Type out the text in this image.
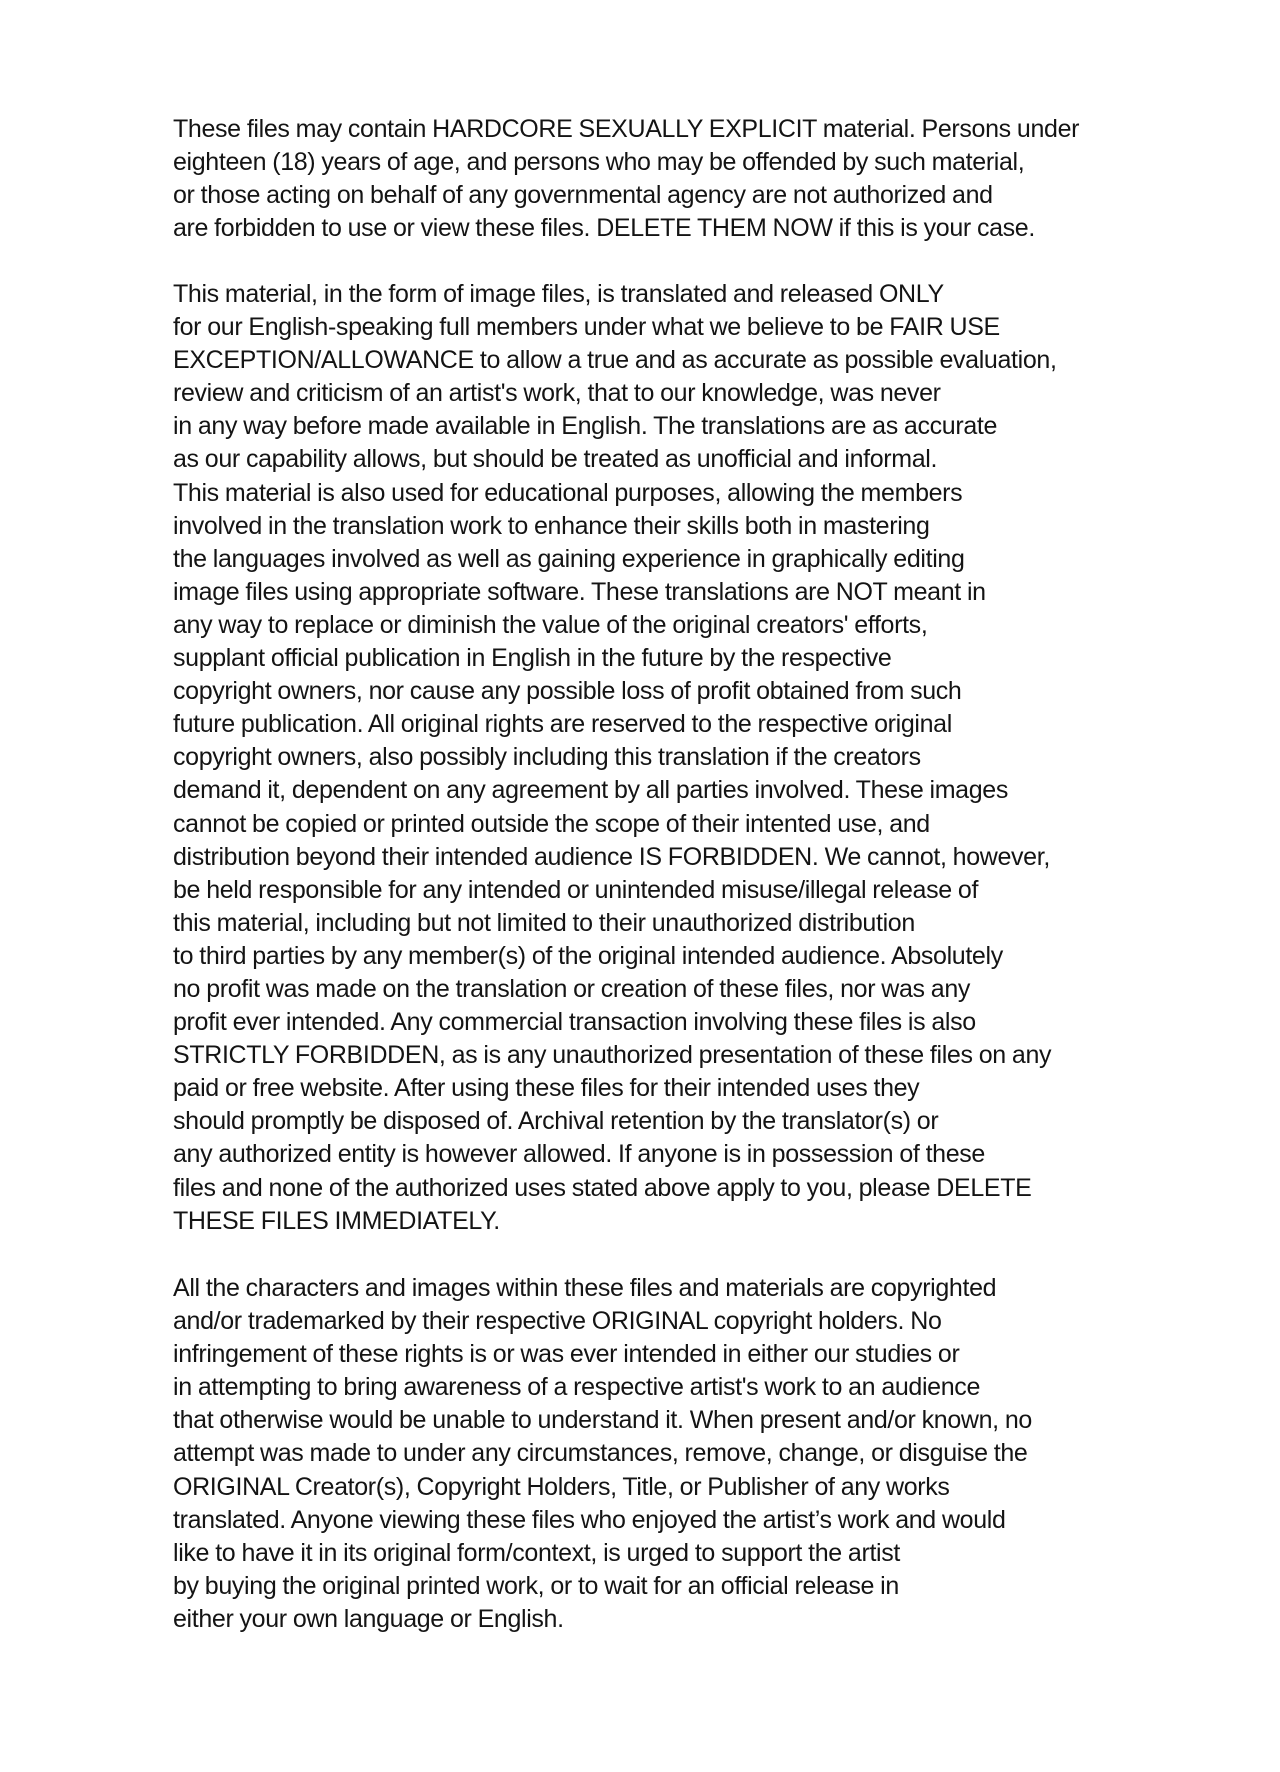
These files may contain HARDCORE SEXUALLY EXPLICIT material. Persons under
eighteen (18) years of age, and persons who may be offended by such material,
or those acting on behalf of any governmental agency are not authorized and
are forbidden to use or view these files. DELETE THEM NOW if this is your case.

This material, in the form of image files, is translated and released ONLY
for our English-speaking full members under what we believe to be FAIR USE
EXCEPTION/ALLOWANCE to allow a true and as accurate as possible evaluation,
review and criticism of an artist's work, that to our knowledge, was never
in any way before made available in English. The translations are as accurate
as our capability allows, but should be treated as unofficial and informal.
This material is also used for educational purposes, allowing the members
involved in the translation work to enhance their skills both in mastering
the languages involved as well as gaining experience in graphically editing
image files using appropriate software. These translations are NOT meant in
any way to replace or diminish the value of the original creators' efforts,
supplant official publication in English in the future by the respective
copyright owners, nor cause any possible loss of profit obtained from such
future publication. All original rights are reserved to the respective original
copyright owners, also possibly including this translation if the creators
demand it, dependent on any agreement by all parties involved. These images
cannot be copied or printed outside the scope of their intented use, and
distribution beyond their intended audience IS FORBIDDEN. We cannot, however,
be held responsible for any intended or unintended misuse/illegal release of
this material, including but not limited to their unauthorized distribution
to third parties by any member(s) of the original intended audience. Absolutely
no profit was made on the translation or creation of these files, nor was any
profit ever intended. Any commercial transaction involving these files is also
STRICTLY FORBIDDEN, as is any unauthorized presentation of these files on any
paid or free website. After using these files for their intended uses they
should promptly be disposed of. Archival retention by the translator(s) or
any authorized entity is however allowed. If anyone is in possession of these
files and none of the authorized uses stated above apply to you, please DELETE
THESE FILES IMMEDIATELY.

All the characters and images within these files and materials are copyrighted
and/or trademarked by their respective ORIGINAL copyright holders. No
infringement of these rights is or was ever intended in either our studies or
in attempting to bring awareness of a respective artist's work to an audience
that otherwise would be unable to understand it. When present and/or known, no
attempt was made to under any circumstances, remove, change, or disguise the
ORIGINAL Creator(s), Copyright Holders, Title, or Publisher of any works
translated. Anyone viewing these files who enjoyed the artist’s work and would
like to have it in its original form/context, is urged to support the artist
by buying the original printed work, or to wait for an official release in
either your own language or English.
